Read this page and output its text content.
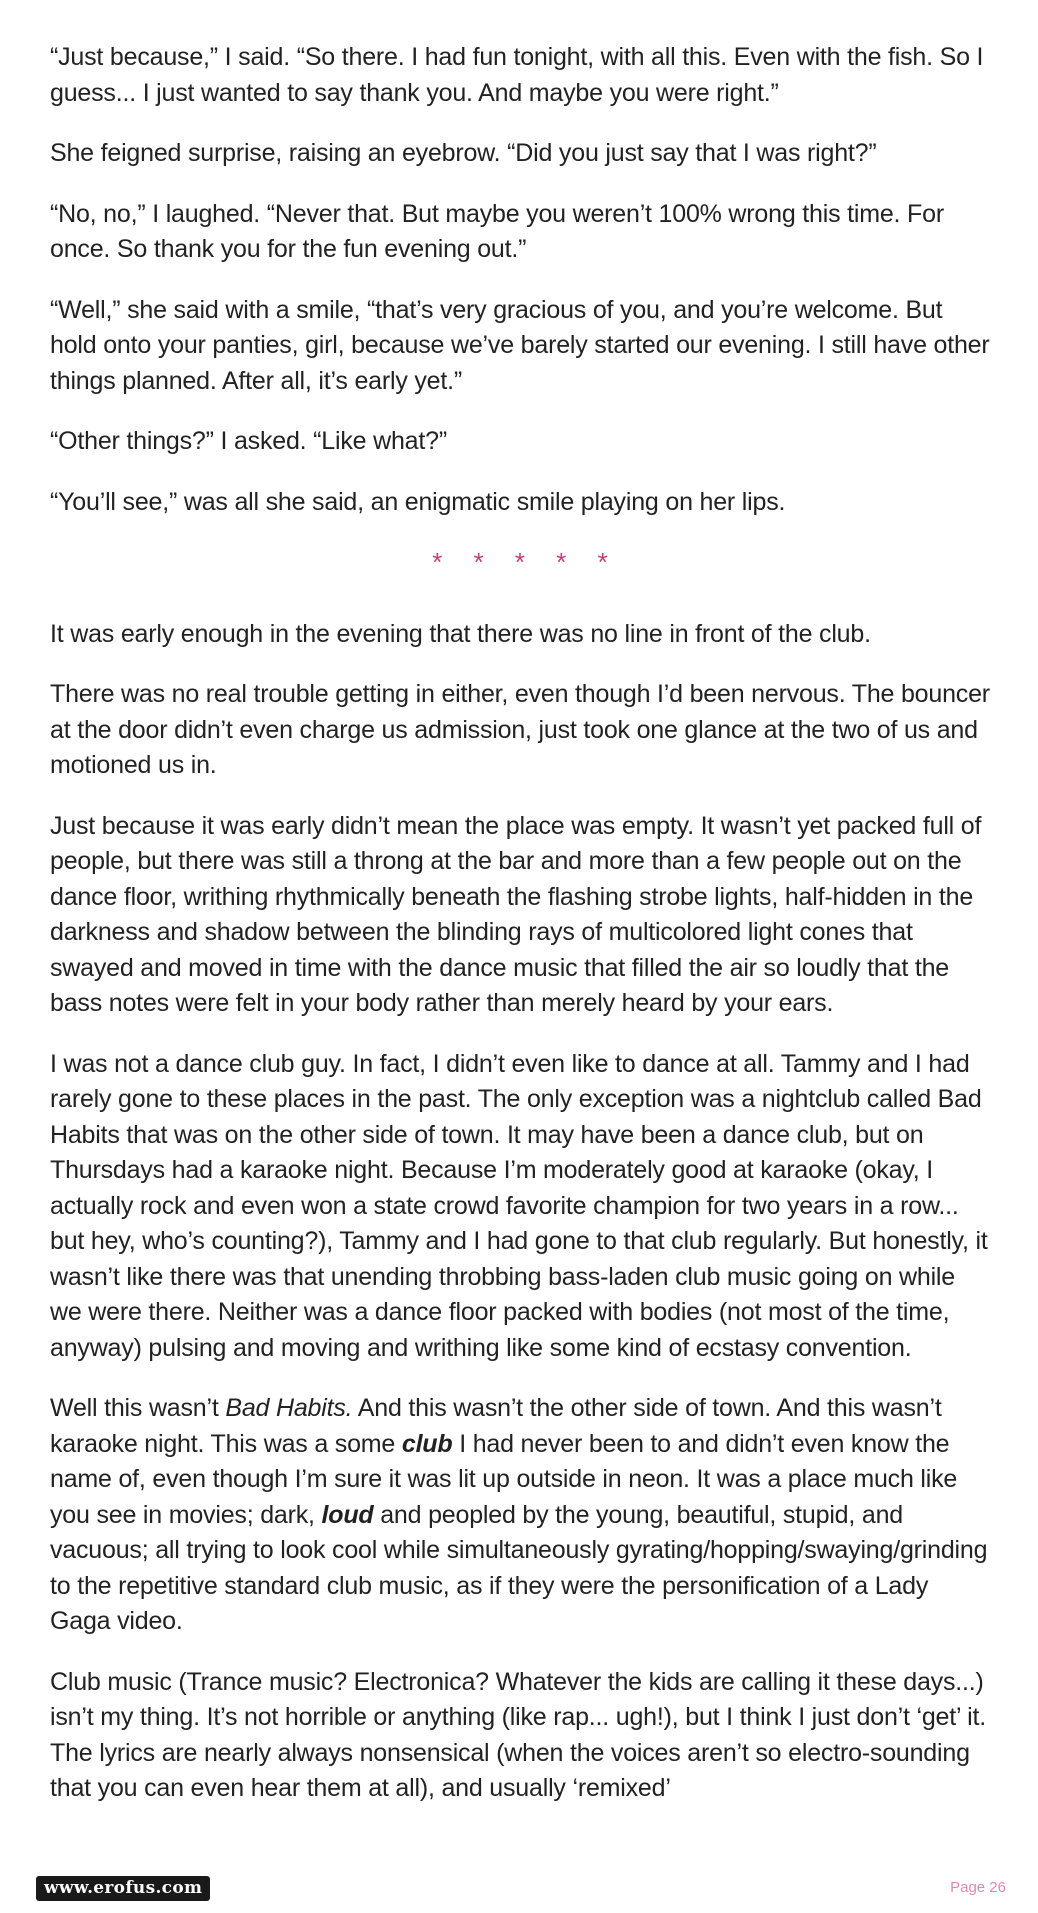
“Just because,” I said. “So there. I had fun tonight, with all this. Even with the fish. So I guess... I just wanted to say thank you. And maybe you were right.”

She feigned surprise, raising an eyebrow. “Did you just say that I was right?”

“No, no,” I laughed. “Never that. But maybe you weren’t 100% wrong this time. For once. So thank you for the fun evening out.”

“Well,” she said with a smile, “that’s very gracious of you, and you’re welcome. But hold onto your panties, girl, because we’ve barely started our evening. I still have other things planned. After all, it’s early yet.”

“Other things?” I asked. “Like what?”

“You’ll see,” was all she said, an enigmatic smile playing on her lips.

* * * * *

It was early enough in the evening that there was no line in front of the club.

There was no real trouble getting in either, even though I’d been nervous. The bouncer at the door didn’t even charge us admission, just took one glance at the two of us and motioned us in.

Just because it was early didn’t mean the place was empty. It wasn’t yet packed full of people, but there was still a throng at the bar and more than a few people out on the dance floor, writhing rhythmically beneath the flashing strobe lights, half-hidden in the darkness and shadow between the blinding rays of multicolored light cones that swayed and moved in time with the dance music that filled the air so loudly that the bass notes were felt in your body rather than merely heard by your ears.

I was not a dance club guy. In fact, I didn’t even like to dance at all. Tammy and I had rarely gone to these places in the past. The only exception was a nightclub called Bad Habits that was on the other side of town. It may have been a dance club, but on Thursdays had a karaoke night. Because I’m moderately good at karaoke (okay, I actually rock and even won a state crowd favorite champion for two years in a row... but hey, who’s counting?), Tammy and I had gone to that club regularly. But honestly, it wasn’t like there was that unending throbbing bass-laden club music going on while we were there. Neither was a dance floor packed with bodies (not most of the time, anyway) pulsing and moving and writhing like some kind of ecstasy convention.

Well this wasn’t Bad Habits. And this wasn’t the other side of town. And this wasn’t karaoke night. This was a some club I had never been to and didn’t even know the name of, even though I’m sure it was lit up outside in neon. It was a place much like you see in movies; dark, loud and peopled by the young, beautiful, stupid, and vacuous; all trying to look cool while simultaneously gyrating/hopping/swaying/grinding to the repetitive standard club music, as if they were the personification of a Lady Gaga video.

Club music (Trance music? Electronica? Whatever the kids are calling it these days...) isn’t my thing. It’s not horrible or anything (like rap... ugh!), but I think I just don’t ‘get’ it. The lyrics are nearly always nonsensical (when the voices aren’t so electro-sounding that you can even hear them at all), and usually ‘remixed’

www.erofus.com	Page 26
